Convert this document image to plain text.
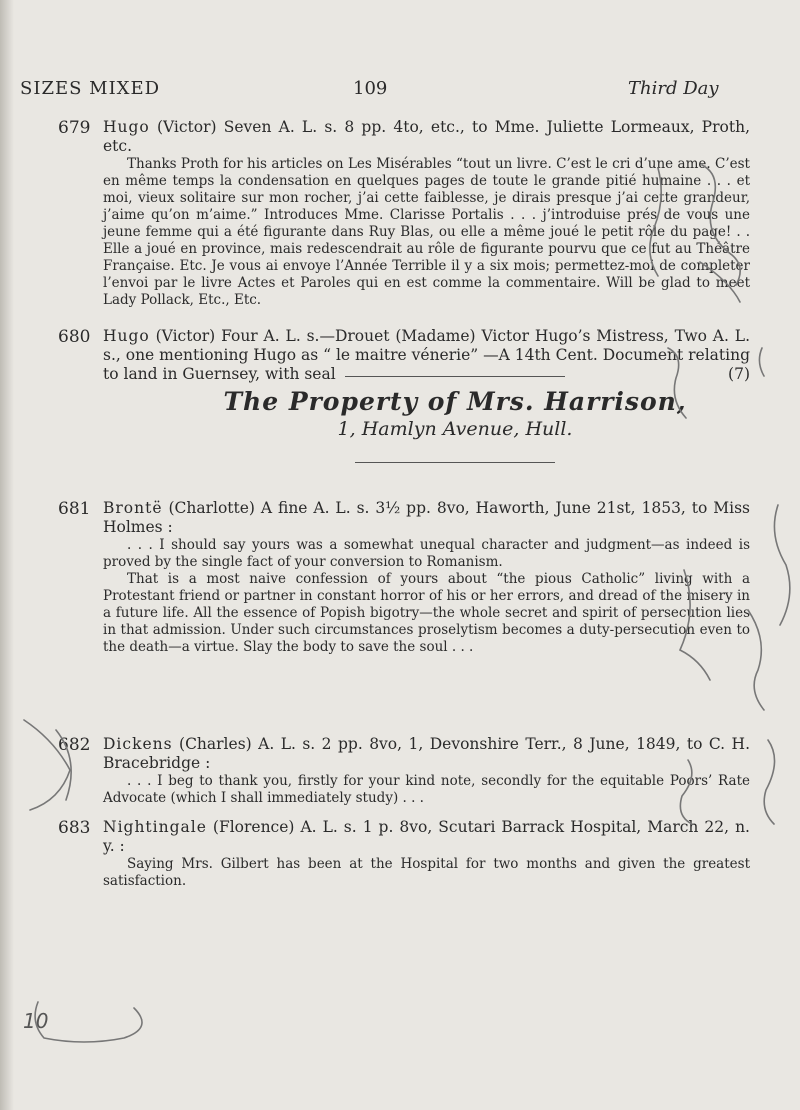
SIZES MIXED	109	Third Day
679 Hugo (Victor) Seven A. L. s. 8 pp. 4to, etc., to Mme. Juliette Lormeaux, Proth, etc.

Thanks Proth for his articles on Les Misérables “tout un livre. C’est le cri d’une ame. C’est en même temps la condensation en quelques pages de toute le grande pitié humaine . . . et moi, vieux solitaire sur mon rocher, j’ai cette faiblesse, je dirais presque j’ai cette grandeur, j’aime qu’on m’aime.” Introduces Mme. Clarisse Portalis . . . j’introduise prés de vous une jeune femme qui a été figurante dans Ruy Blas, ou elle a même joué le petit rôle du page! . . Elle a joué en province, mais redescendrait au rôle de figurante pourvu que ce fut au Théâtre Française. Etc. Je vous ai envoye l’Année Terrible il y a six mois; permettez-moi de completer l’envoi par le livre Actes et Paroles qui en est comme la commentaire. Will be glad to meet Lady Pollack, Etc., Etc.

680 Hugo (Victor) Four A. L. s.—Drouet (Madame) Victor Hugo’s Mistress, Two A. L. s., one mentioning Hugo as “ le maitre vénerie” —A 14th Cent. Document relating to land in Guernsey, with seal	(7)

The Property of Mrs. Harrison,
1, Hamlyn Avenue, Hull.
681 Brontë (Charlotte) A fine A. L. s. 3½ pp. 8vo, Haworth, June 21st, 1853, to Miss Holmes :

. . . I should say yours was a somewhat unequal character and judgment—as indeed is proved by the single fact of your conversion to Romanism.

That is a most naive confession of yours about “the pious Catholic” living with a Protestant friend or partner in constant horror of his or her errors, and dread of the misery in a future life. All the essence of Popish bigotry—the whole secret and spirit of persecution lies in that admission. Under such circumstances proselytism becomes a duty-persecution even to the death—a virtue. Slay the body to save the soul . . .

682 Dickens (Charles) A. L. s. 2 pp. 8vo, 1, Devonshire Terr., 8 June, 1849, to C. H. Bracebridge :

. . . I beg to thank you, firstly for your kind note, secondly for the equitable Poors’ Rate Advocate (which I shall immediately study) . . .

683 Nightingale (Florence) A. L. s. 1 p. 8vo, Scutari Barrack Hospital, March 22, n. y. :

Saying Mrs. Gilbert has been at the Hospital for two months and given the greatest satisfaction.

10
